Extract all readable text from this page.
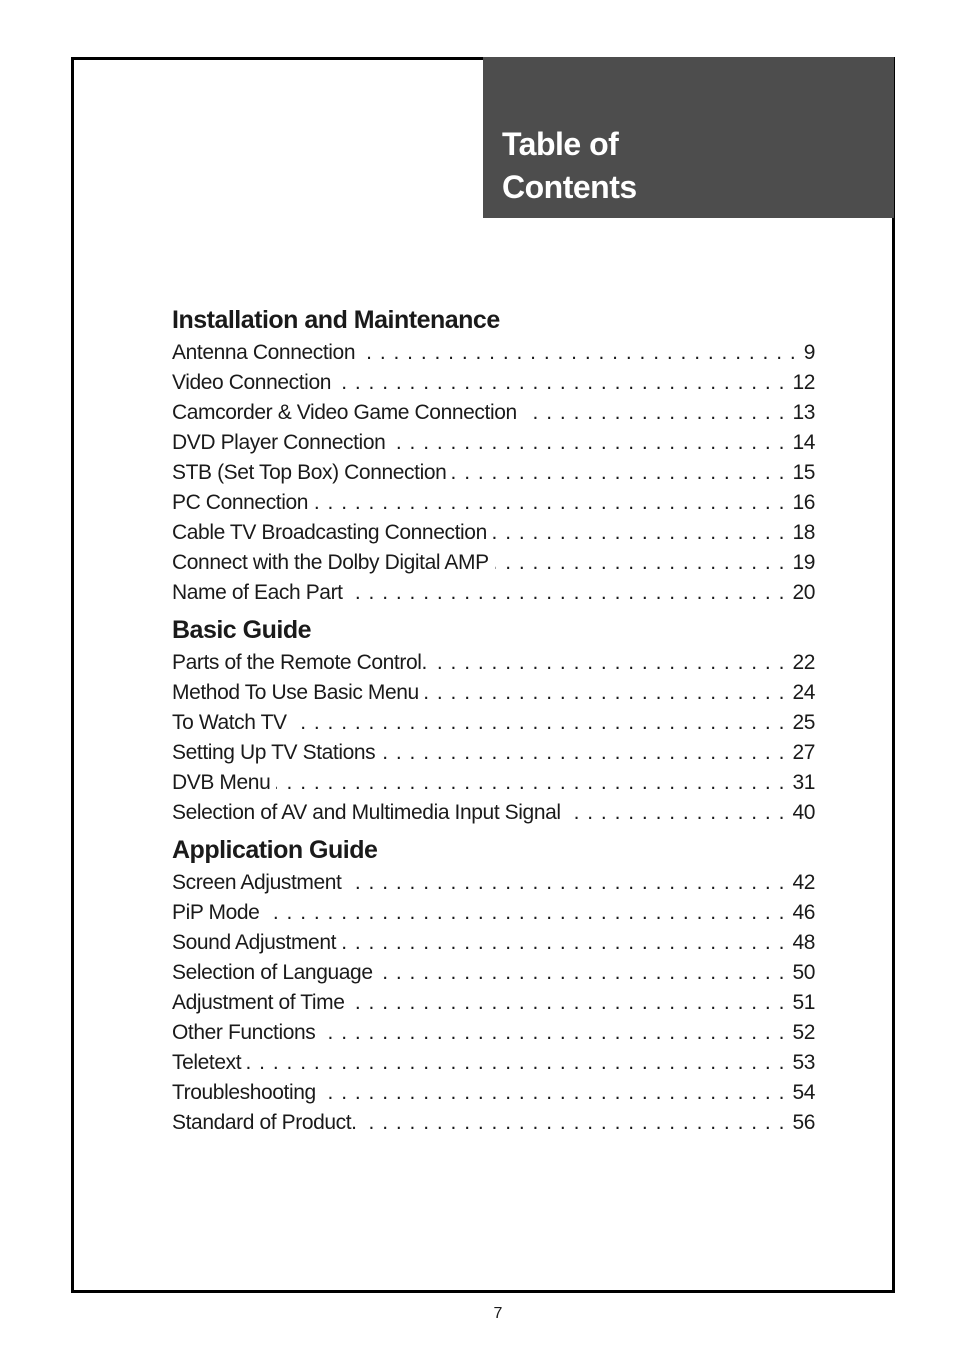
Table of
Contents
Installation and Maintenance
Antenna Connection . . .	9
Video Connection . . .	12
Camcorder & Video Game Connection . . .	13
DVD Player Connection . . .	14
STB (Set Top Box) Connection . . .	15
PC Connection . . .	16
Cable TV Broadcasting Connection . . .	18
Connect with the Dolby Digital AMP . . .	19
Name of Each Part . . .	20
Basic Guide
Parts of the Remote Control. . . .	22
Method To Use Basic Menu . . .	24
To Watch TV . . .	25
Setting Up TV Stations . . .	27
DVB Menu . . .	31
Selection of AV and Multimedia Input Signal . . .	40
Application Guide
Screen Adjustment . . .	42
PiP Mode . . .	46
Sound Adjustment . . .	48
Selection of Language . . .	50
Adjustment of Time . . .	51
Other Functions . . .	52
Teletext . . .	53
Troubleshooting . . .	54
Standard of Product. . . .	56
7
